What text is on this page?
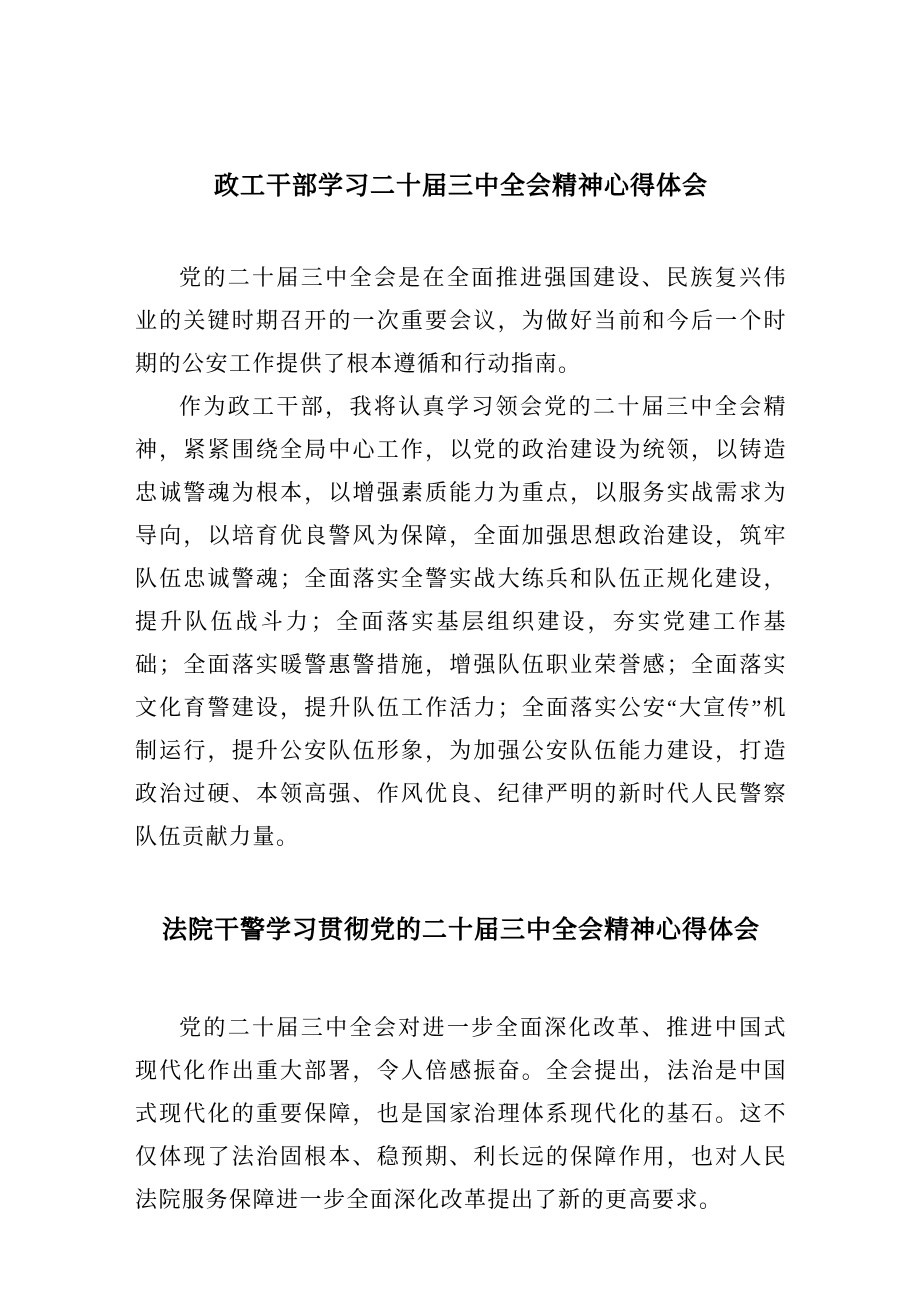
政工干部学习二十届三中全会精神心得体会

党的二十届三中全会是在全面推进强国建设、民族复兴伟业的关键时期召开的一次重要会议，为做好当前和今后一个时期的公安工作提供了根本遵循和行动指南。

作为政工干部，我将认真学习领会党的二十届三中全会精神，紧紧围绕全局中心工作，以党的政治建设为统领，以铸造忠诚警魂为根本，以增强素质能力为重点，以服务实战需求为导向，以培育优良警风为保障，全面加强思想政治建设，筑牢队伍忠诚警魂；全面落实全警实战大练兵和队伍正规化建设，提升队伍战斗力；全面落实基层组织建设，夯实党建工作基础；全面落实暖警惠警措施，增强队伍职业荣誉感；全面落实文化育警建设，提升队伍工作活力；全面落实公安“大宣传”机制运行，提升公安队伍形象，为加强公安队伍能力建设，打造政治过硬、本领高强、作风优良、纪律严明的新时代人民警察队伍贡献力量。

法院干警学习贯彻党的二十届三中全会精神心得体会

党的二十届三中全会对进一步全面深化改革、推进中国式现代化作出重大部署，令人倍感振奋。全会提出，法治是中国式现代化的重要保障，也是国家治理体系现代化的基石。这不仅体现了法治固根本、稳预期、利长远的保障作用，也对人民法院服务保障进一步全面深化改革提出了新的更高要求。
